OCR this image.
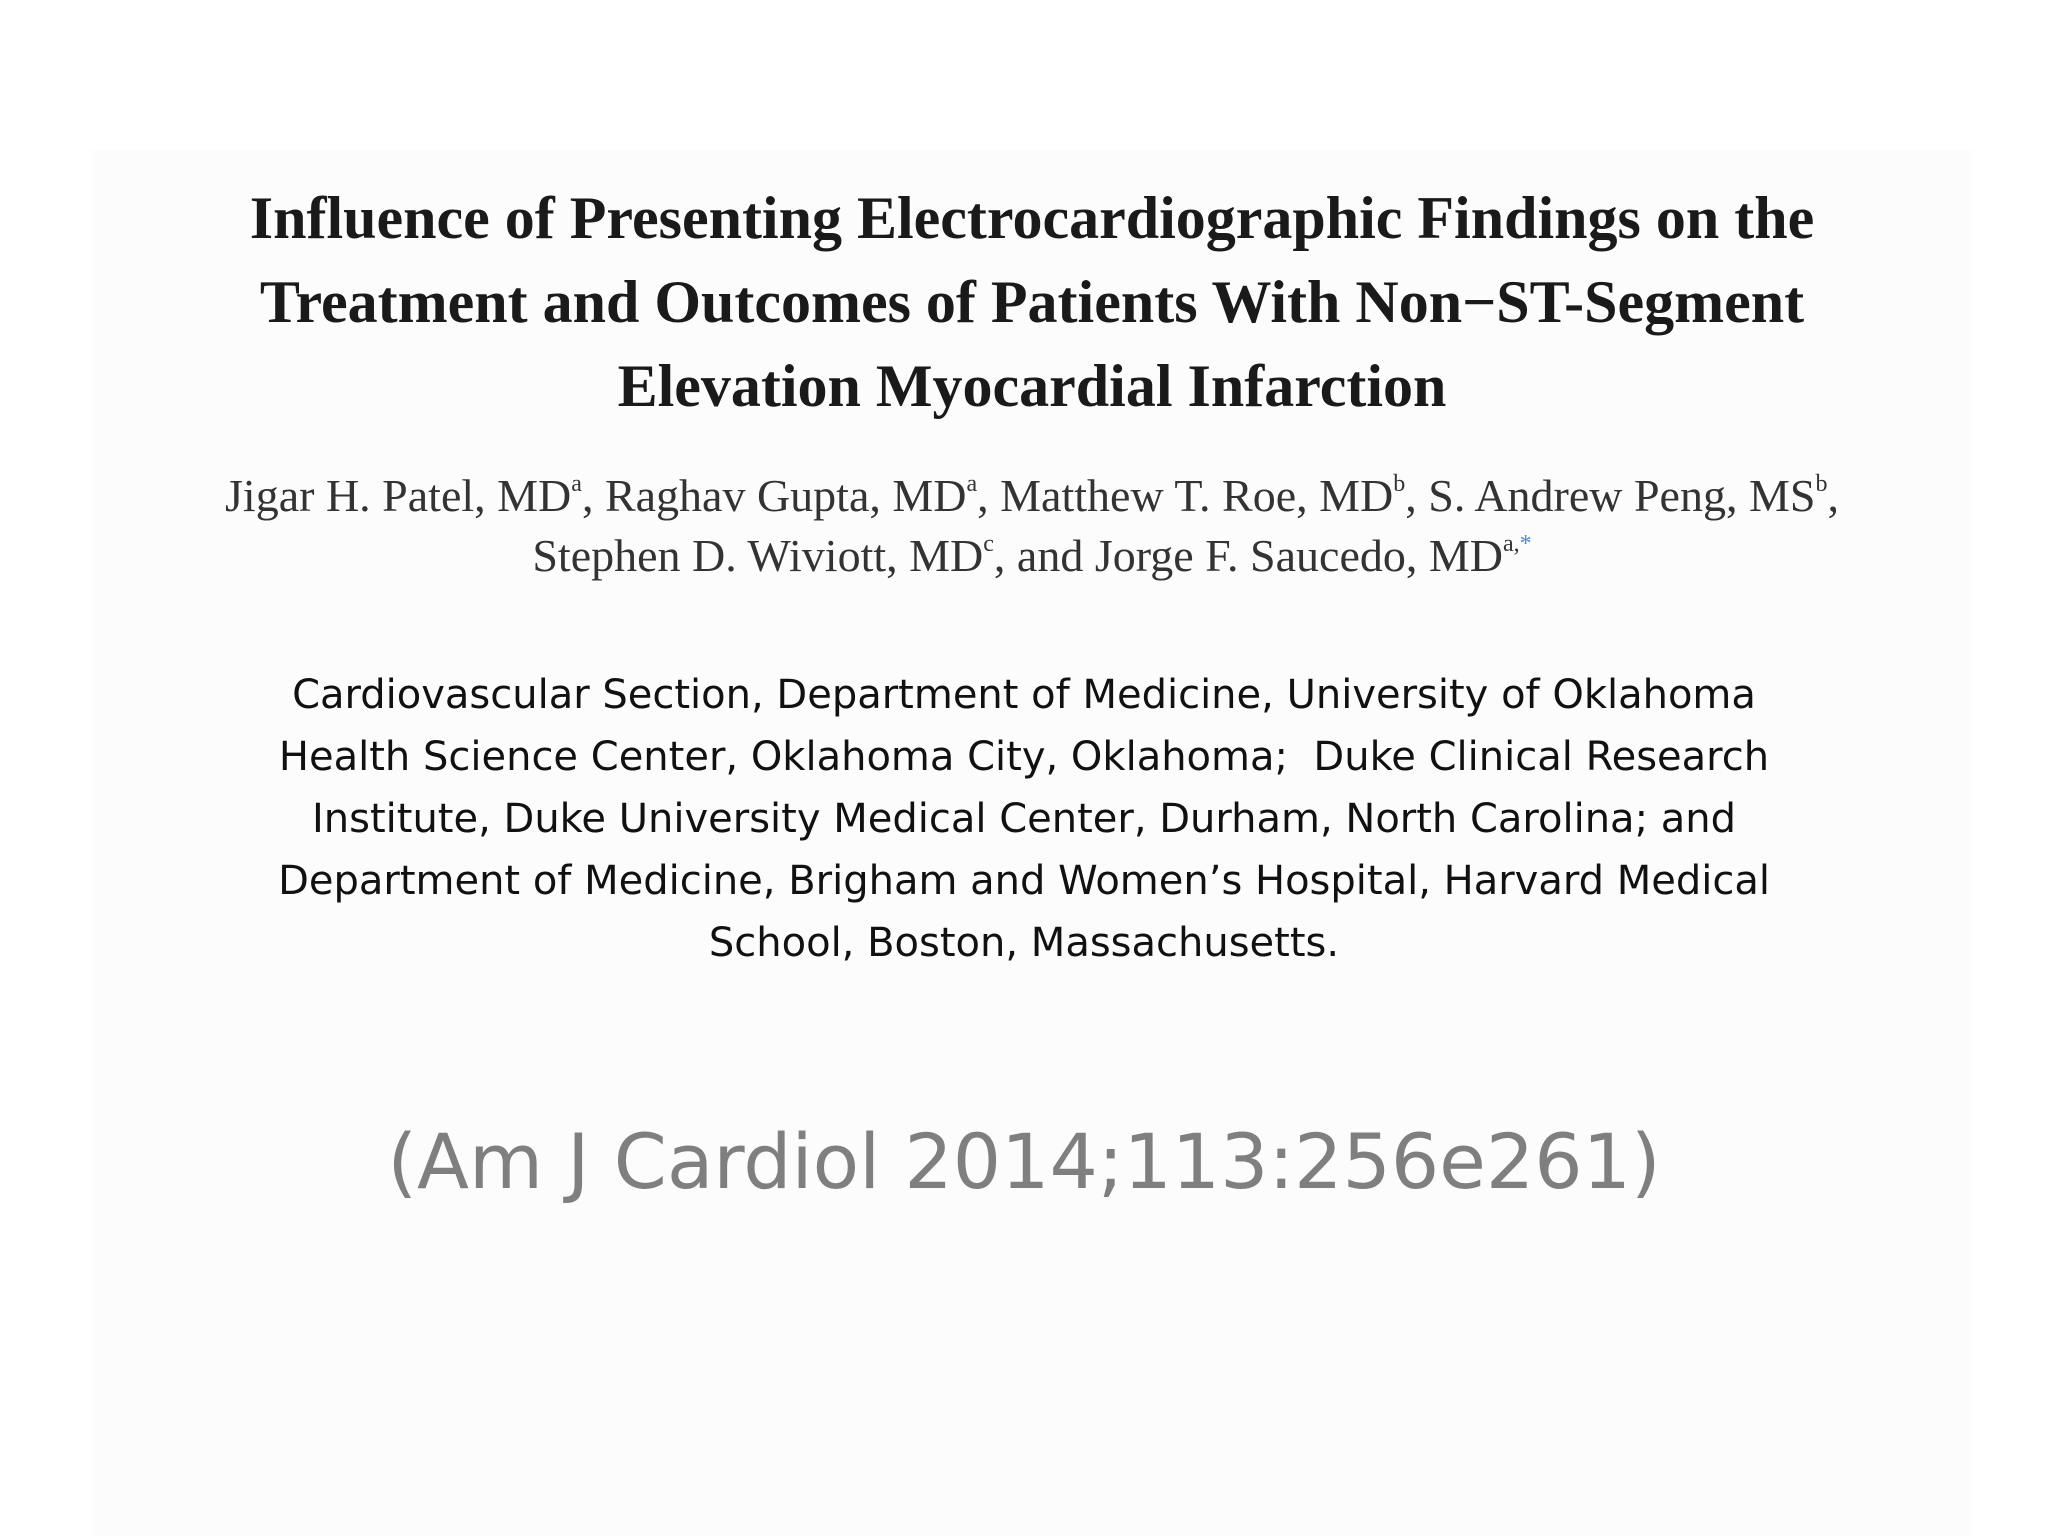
Influence of Presenting Electrocardiographic Findings on the
Treatment and Outcomes of Patients With Non−ST-Segment
Elevation Myocardial Infarction

Jigar H. Patel, $MD^a$, Raghav Gupta, $MD^a$, Matthew T. Roe, $MD^b$, S. Andrew Peng, $MS^b$,
Stephen D. Wiviott, $MD^c$, and Jorge F. Saucedo, $MD^{a,*}$

Cardiovascular Section, Department of Medicine, University of Oklahoma
Health Science Center, Oklahoma City, Oklahoma;  Duke Clinical Research
Institute, Duke University Medical Center, Durham, North Carolina; and
Department of Medicine, Brigham and Women’s Hospital, Harvard Medical
School, Boston, Massachusetts.

(Am J Cardiol 2014;113:256e261)
